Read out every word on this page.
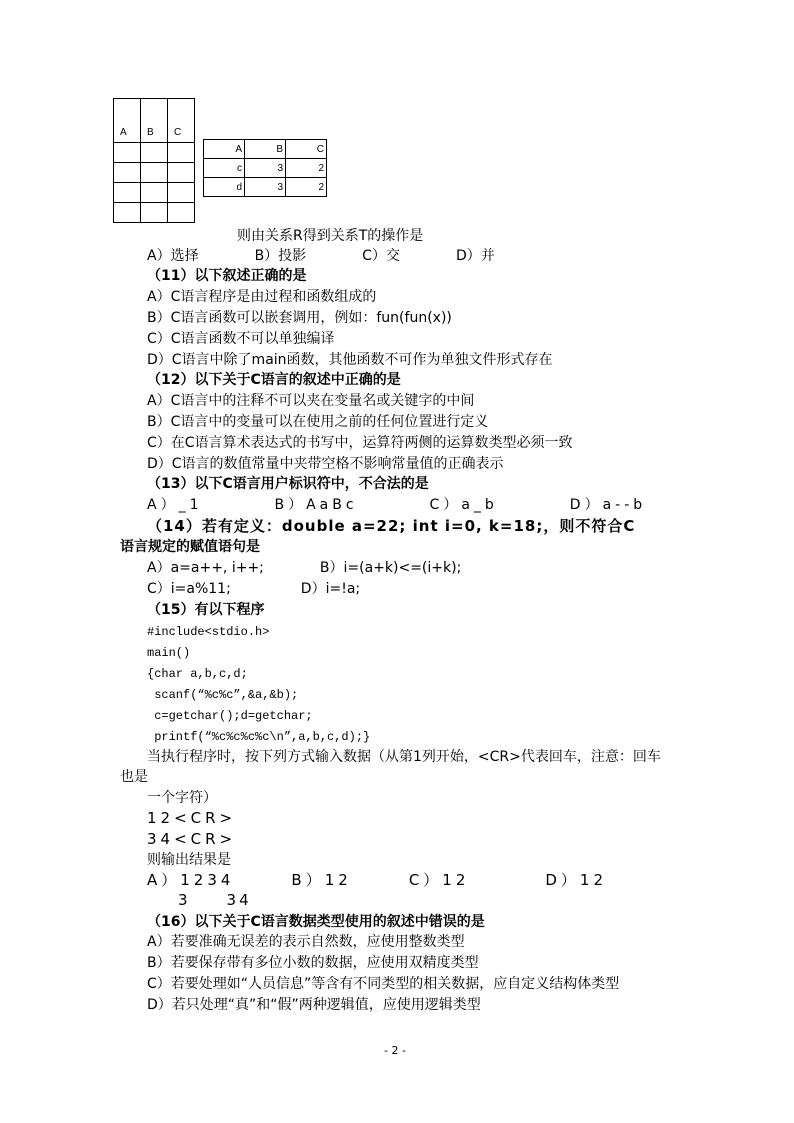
A	B	C

A	B	C
c	3	2
d	3	2
则由关系R得到关系T的操作是
A）选择　　　　B）投影　　　　C）交　　　　D）并
（11）以下叙述正确的是
A）C语言程序是由过程和函数组成的
B）C语言函数可以嵌套调用，例如：fun(fun(x))
C）C语言函数不可以单独编译
D）C语言中除了main函数，其他函数不可作为单独文件形式存在
（12）以下关于C语言的叙述中正确的是
A）C语言中的注释不可以夹在变量名或关键字的中间
B）C语言中的变量可以在使用之前的任何位置进行定义
C）在C语言算术表达式的书写中，运算符两侧的运算数类型必须一致
D）C语言的数值常量中夹带空格不影响常量值的正确表示
（13）以下C语言用户标识符中，不合法的是
A）_1　　　　B）AaBc　　　　C）a_b　　　　D）a--b
（14）若有定义：double a=22; int i=0, k=18;，则不符合C
语言规定的赋值语句是
A）a=a++, i++;　　　　B）i=(a+k)<=(i+k);
C）i=a%11;　　　　　D）i=!a;
（15）有以下程序
#include<stdio.h>
main()
{char a,b,c,d;
scanf(“%c%c”,&a,&b);
c=getchar();d=getchar;
printf(“%c%c%c%c\n”,a,b,c,d);}
当执行程序时，按下列方式输入数据（从第1列开始，<CR>代表回车，注意：回车
也是
一个字符）
12<CR>
34<CR>
则输出结果是
A）1234　　　B）12　　　C）12　　　　D）12
3　　34
（16）以下关于C语言数据类型使用的叙述中错误的是
A）若要准确无误差的表示自然数，应使用整数类型
B）若要保存带有多位小数的数据，应使用双精度类型
C）若要处理如“人员信息”等含有不同类型的相关数据，应自定义结构体类型
D）若只处理“真”和“假”两种逻辑值，应使用逻辑类型
- 2 -
